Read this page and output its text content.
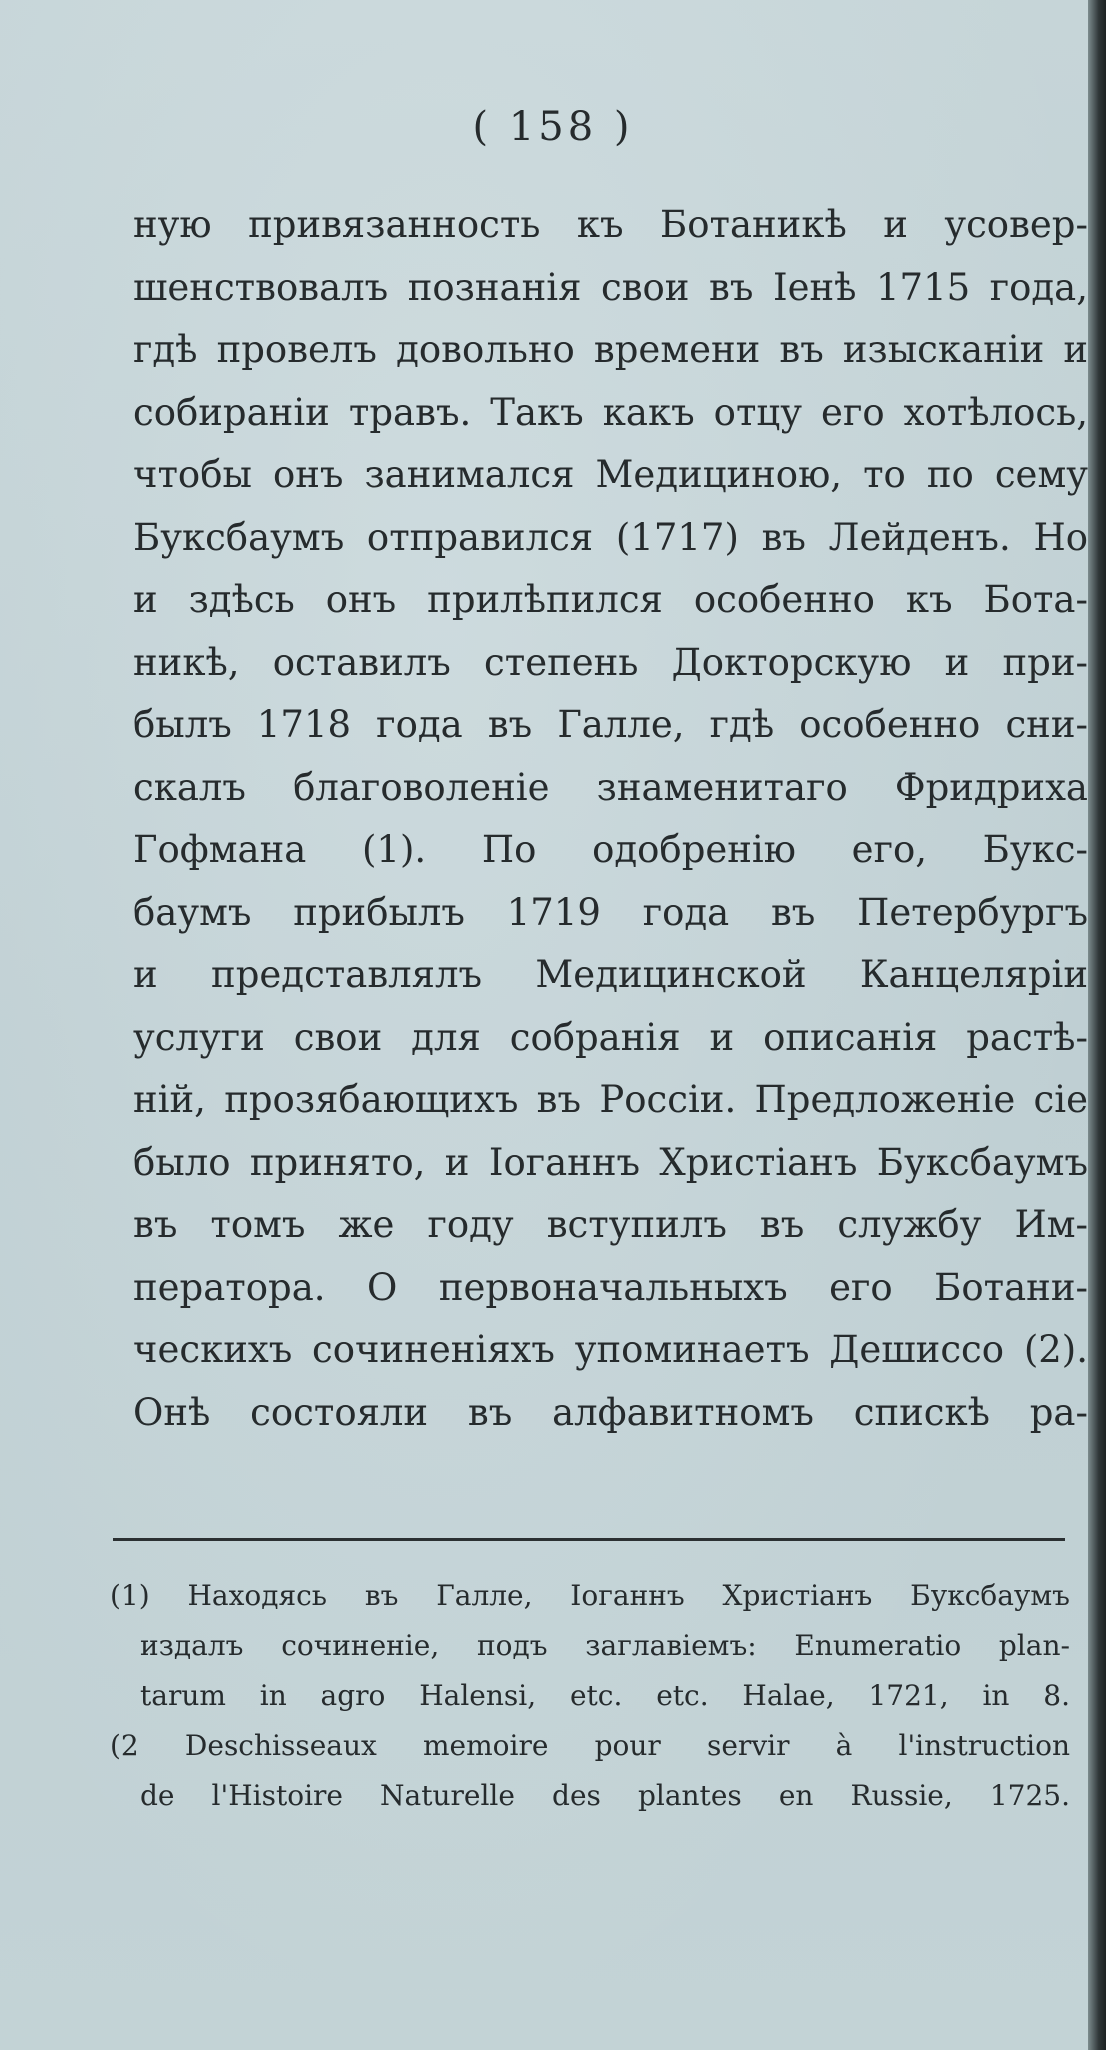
( 158 )
ную привязанность къ Ботаникѣ и усовер-
шенствовалъ познанія свои въ Іенѣ 1715 года,
гдѣ провелъ довольно времени въ изысканіи и
собираніи травъ. Такъ какъ отцу его хотѣлось,
чтобы онъ занимался Медициною, то по сему
Буксбаумъ отправился (1717) въ Лейденъ. Но
и здѣсь онъ прилѣпился особенно къ Бота-
никѣ, оставилъ степень Докторскую и при-
былъ 1718 года въ Галле, гдѣ особенно сни-
скалъ благоволеніе знаменитаго Фридриха
Гофмана (1). По одобренію его, Букс-
баумъ прибылъ 1719 года въ Петербургъ
и представлялъ Медицинской Канцеляріи
услуги свои для собранія и описанія растѣ-
ній, прозябающихъ въ Россіи. Предложеніе сіе
было принято, и Іоганнъ Христіанъ Буксбаумъ
въ томъ же году вступилъ въ службу Им-
ператора. О первоначальныхъ его Ботани-
ческихъ сочиненіяхъ упоминаетъ Дешиссо (2).
Онѣ состояли въ алфавитномъ спискѣ ра-
(1) Находясь въ Галле, Іоганнъ Христіанъ Буксбаумъ
издалъ сочиненіе, подъ заглавіемъ: Enumeratio plan-
tarum in agro Halensi, etc. etc. Halae, 1721, in 8.
(2 Deschisseaux memoire pour servir à l'instruction
de l'Histoire Naturelle des plantes en Russie, 1725.
